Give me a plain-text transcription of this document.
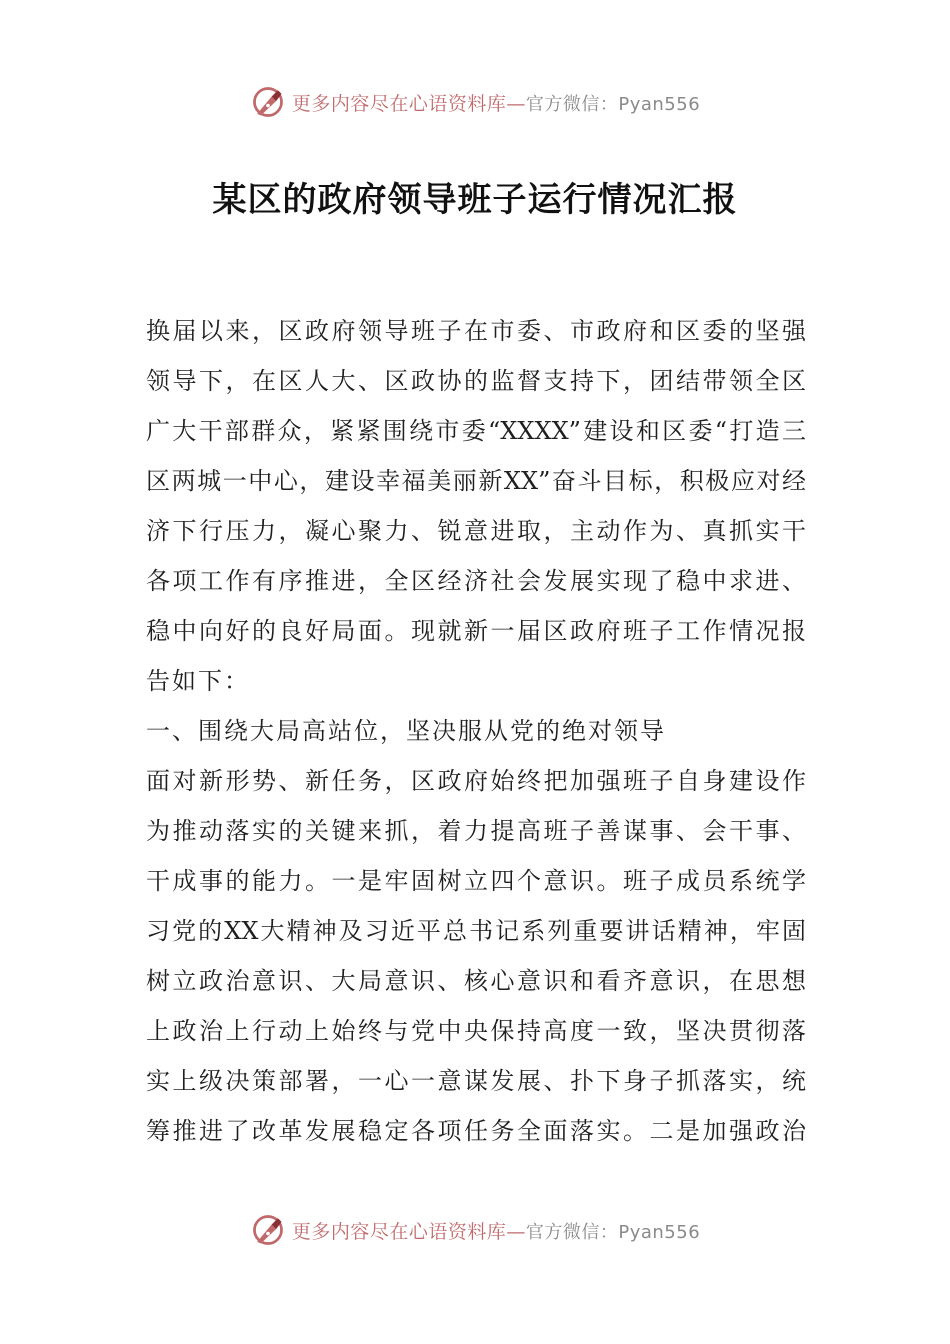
更多内容尽在心语资料库—官方微信：Pyan556
某区的政府领导班子运行情况汇报
换届以来，区政府领导班子在市委、市政府和区委的坚强
领导下，在区人大、区政协的监督支持下，团结带领全区
广大干部群众，紧紧围绕市委“XXXX”建设和区委“打造三
区两城一中心，建设幸福美丽新XX”奋斗目标，积极应对经
济下行压力，凝心聚力、锐意进取，主动作为、真抓实干
各项工作有序推进，全区经济社会发展实现了稳中求进、
稳中向好的良好局面。现就新一届区政府班子工作情况报
告如下：
一、围绕大局高站位，坚决服从党的绝对领导
面对新形势、新任务，区政府始终把加强班子自身建设作
为推动落实的关键来抓，着力提高班子善谋事、会干事、
干成事的能力。一是牢固树立四个意识。班子成员系统学
习党的XX大精神及习近平总书记系列重要讲话精神，牢固
树立政治意识、大局意识、核心意识和看齐意识，在思想
上政治上行动上始终与党中央保持高度一致，坚决贯彻落
实上级决策部署，一心一意谋发展、扑下身子抓落实，统
筹推进了改革发展稳定各项任务全面落实。二是加强政治
更多内容尽在心语资料库—官方微信：Pyan556
